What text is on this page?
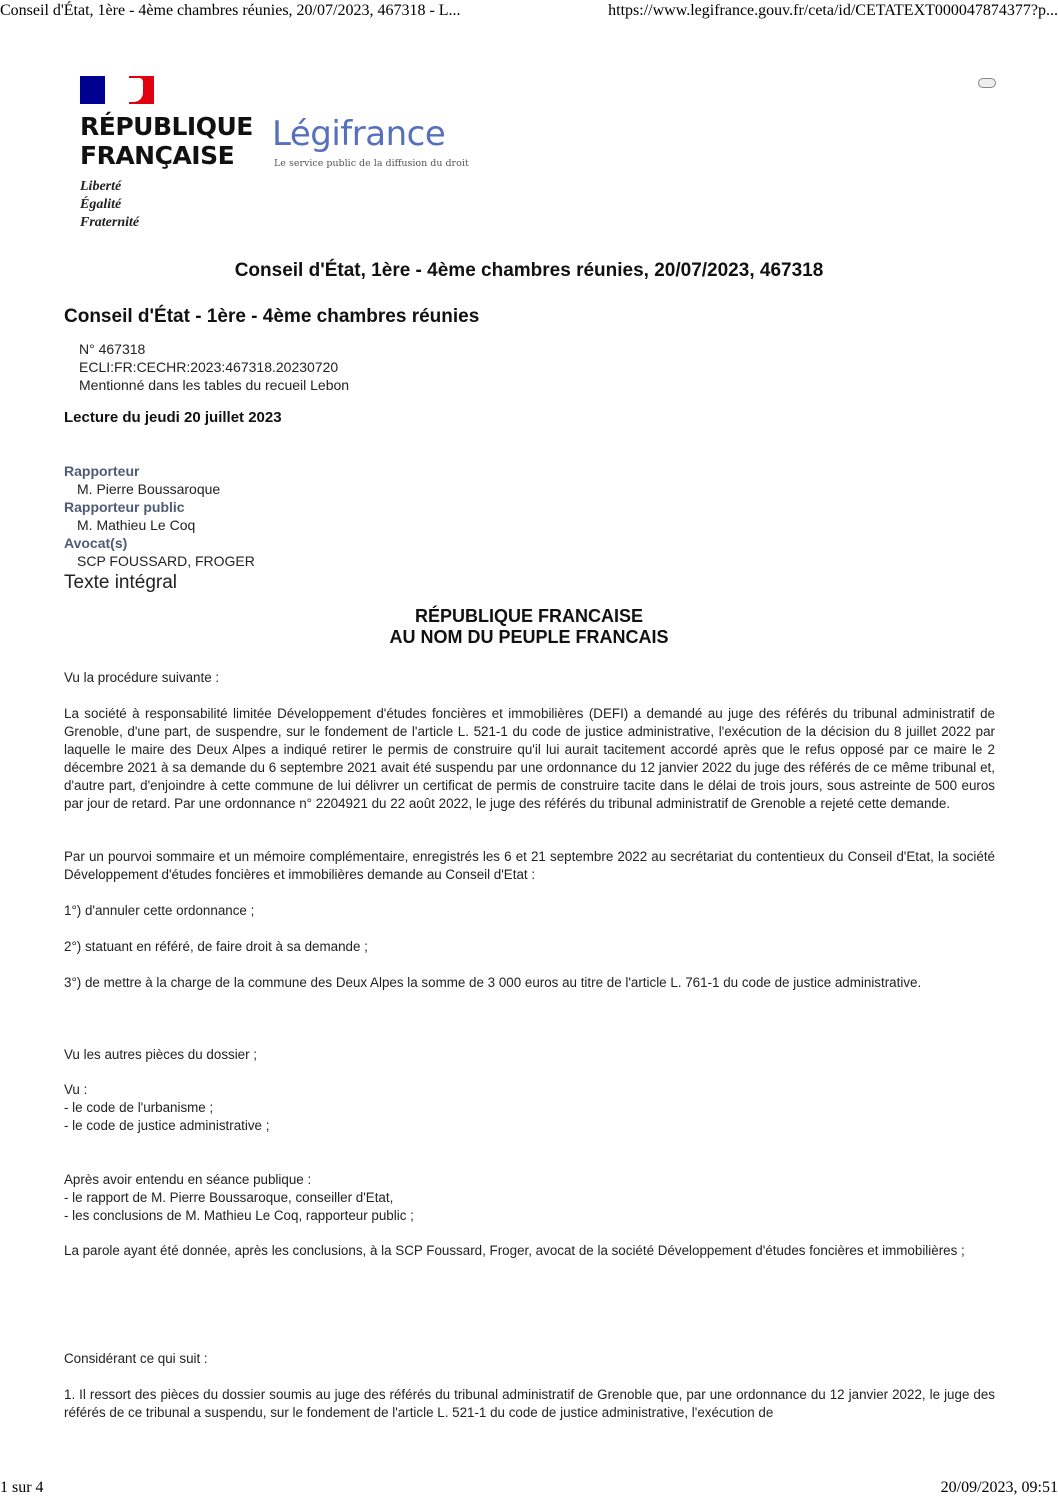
Conseil d'État, 1ère - 4ème chambres réunies, 20/07/2023, 467318 - L...	https://www.legifrance.gouv.fr/ceta/id/CETATEXT000047874377?p...
RÉPUBLIQUE
FRANÇAISE
Liberté
Égalité
Fraternité
Légifrance
Le service public de la diffusion du droit
Conseil d'État, 1ère - 4ème chambres réunies, 20/07/2023, 467318
Conseil d'État - 1ère - 4ème chambres réunies
N° 467318
ECLI:FR:CECHR:2023:467318.20230720
Mentionné dans les tables du recueil Lebon
Lecture du jeudi 20 juillet 2023
Rapporteur
M. Pierre Boussaroque
Rapporteur public
M. Mathieu Le Coq
Avocat(s)
SCP FOUSSARD, FROGER
Texte intégral
RÉPUBLIQUE FRANCAISE
AU NOM DU PEUPLE FRANCAIS

Vu la procédure suivante :

La société à responsabilité limitée Développement d'études foncières et immobilières (DEFI) a demandé au juge des référés du tribunal administratif de Grenoble, d'une part, de suspendre, sur le fondement de l'article L. 521-1 du code de justice administrative, l'exécution de la décision du 8 juillet 2022 par laquelle le maire des Deux Alpes a indiqué retirer le permis de construire qu'il lui aurait tacitement accordé après que le refus opposé par ce maire le 2 décembre 2021 à sa demande du 6 septembre 2021 avait été suspendu par une ordonnance du 12 janvier 2022 du juge des référés de ce même tribunal et, d'autre part, d'enjoindre à cette commune de lui délivrer un certificat de permis de construire tacite dans le délai de trois jours, sous astreinte de 500 euros par jour de retard. Par une ordonnance n° 2204921 du 22 août 2022, le juge des référés du tribunal administratif de Grenoble a rejeté cette demande.

Par un pourvoi sommaire et un mémoire complémentaire, enregistrés les 6 et 21 septembre 2022 au secrétariat du contentieux du Conseil d'Etat, la société Développement d'études foncières et immobilières demande au Conseil d'Etat :

1°) d'annuler cette ordonnance ;

2°) statuant en référé, de faire droit à sa demande ;

3°) de mettre à la charge de la commune des Deux Alpes la somme de 3 000 euros au titre de l'article L. 761-1 du code de justice administrative.

Vu les autres pièces du dossier ;

Vu :

- le code de l'urbanisme ;

- le code de justice administrative ;

Après avoir entendu en séance publique :

- le rapport de M. Pierre Boussaroque, conseiller d'Etat,

- les conclusions de M. Mathieu Le Coq, rapporteur public ;

La parole ayant été donnée, après les conclusions, à la SCP Foussard, Froger, avocat de la société Développement d'études foncières et immobilières ;

Considérant ce qui suit :

1. Il ressort des pièces du dossier soumis au juge des référés du tribunal administratif de Grenoble que, par une ordonnance du 12 janvier 2022, le juge des référés de ce tribunal a suspendu, sur le fondement de l'article L. 521-1 du code de justice administrative, l'exécution de

1 sur 4	20/09/2023, 09:51
